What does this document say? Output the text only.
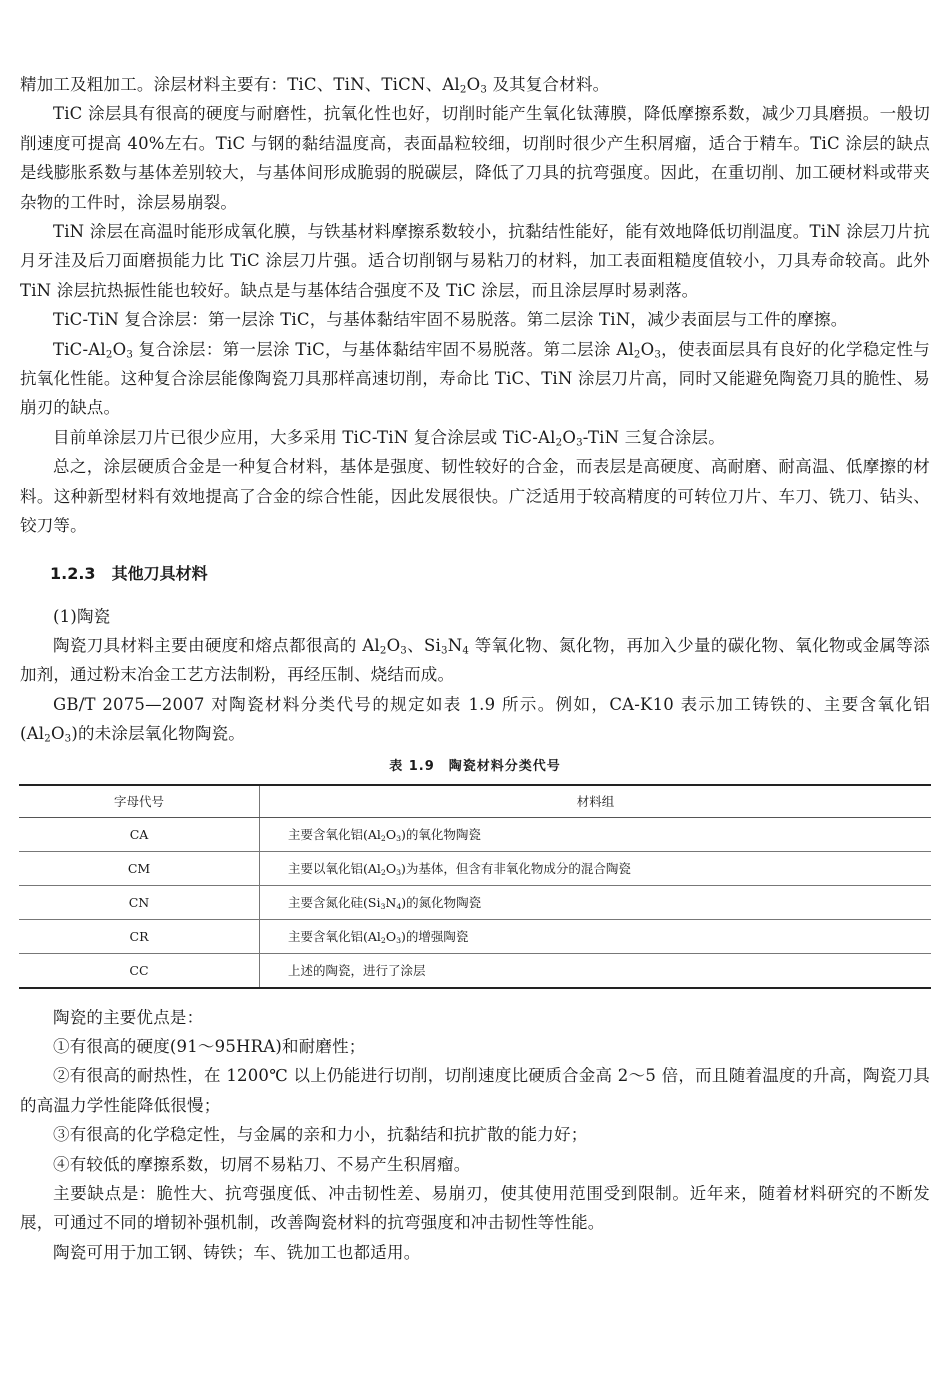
精加工及粗加工。涂层材料主要有：TiC、TiN、TiCN、$Al_2O_3$ 及其复合材料。

TiC 涂层具有很高的硬度与耐磨性，抗氧化性也好，切削时能产生氧化钛薄膜，降低摩擦系数，减少刀具磨损。一般切削速度可提高 40%左右。TiC 与钢的黏结温度高，表面晶粒较细，切削时很少产生积屑瘤，适合于精车。TiC 涂层的缺点是线膨胀系数与基体差别较大，与基体间形成脆弱的脱碳层，降低了刀具的抗弯强度。因此，在重切削、加工硬材料或带夹杂物的工件时，涂层易崩裂。

TiN 涂层在高温时能形成氧化膜，与铁基材料摩擦系数较小，抗黏结性能好，能有效地降低切削温度。TiN 涂层刀片抗月牙洼及后刀面磨损能力比 TiC 涂层刀片强。适合切削钢与易粘刀的材料，加工表面粗糙度值较小，刀具寿命较高。此外 TiN 涂层抗热振性能也较好。缺点是与基体结合强度不及 TiC 涂层，而且涂层厚时易剥落。

TiC-TiN 复合涂层：第一层涂 TiC，与基体黏结牢固不易脱落。第二层涂 TiN，减少表面层与工件的摩擦。

TiC-$Al_2O_3$ 复合涂层：第一层涂 TiC，与基体黏结牢固不易脱落。第二层涂 $Al_2O_3$，使表面层具有良好的化学稳定性与抗氧化性能。这种复合涂层能像陶瓷刀具那样高速切削，寿命比 TiC、TiN 涂层刀片高，同时又能避免陶瓷刀具的脆性、易崩刃的缺点。

目前单涂层刀片已很少应用，大多采用 TiC-TiN 复合涂层或 TiC-$Al_2O_3$-TiN 三复合涂层。

总之，涂层硬质合金是一种复合材料，基体是强度、韧性较好的合金，而表层是高硬度、高耐磨、耐高温、低摩擦的材料。这种新型材料有效地提高了合金的综合性能，因此发展很快。广泛适用于较高精度的可转位刀片、车刀、铣刀、钻头、铰刀等。

1.2.3 其他刀具材料

(1)陶瓷

陶瓷刀具材料主要由硬度和熔点都很高的 $Al_2O_3$、$Si_3N_4$ 等氧化物、氮化物，再加入少量的碳化物、氧化物或金属等添加剂，通过粉末冶金工艺方法制粉，再经压制、烧结而成。

GB/T 2075—2007 对陶瓷材料分类代号的规定如表 1.9 所示。例如，CA-K10 表示加工铸铁的、主要含氧化铝$(Al_2O_3)$的未涂层氧化物陶瓷。

表 1.9　陶瓷材料分类代号
字母代号	材料组
CA	主要含氧化铝$(Al_2O_3)$的氧化物陶瓷
CM	主要以氧化铝$(Al_2O_3)$为基体，但含有非氧化物成分的混合陶瓷
CN	主要含氮化硅$(Si_3N_4)$的氮化物陶瓷
CR	主要含氧化铝$(Al_2O_3)$的增强陶瓷
CC	上述的陶瓷，进行了涂层

陶瓷的主要优点是：

①有很高的硬度(91～95HRA)和耐磨性；

②有很高的耐热性，在 1200℃ 以上仍能进行切削，切削速度比硬质合金高 2～5 倍，而且随着温度的升高，陶瓷刀具的高温力学性能降低很慢；

③有很高的化学稳定性，与金属的亲和力小，抗黏结和抗扩散的能力好；

④有较低的摩擦系数，切屑不易粘刀、不易产生积屑瘤。

主要缺点是：脆性大、抗弯强度低、冲击韧性差、易崩刃，使其使用范围受到限制。近年来，随着材料研究的不断发展，可通过不同的增韧补强机制，改善陶瓷材料的抗弯强度和冲击韧性等性能。

陶瓷可用于加工钢、铸铁；车、铣加工也都适用。
